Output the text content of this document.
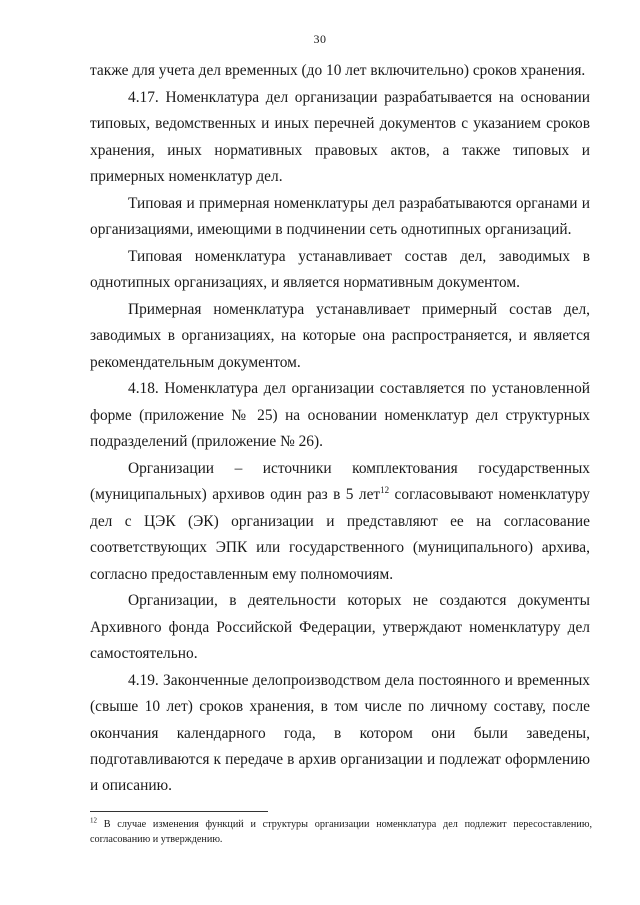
30

также для учета дел временных (до 10 лет включительно) сроков хранения.

4.17. Номенклатура дел организации разрабатывается на основании типовых, ведомственных и иных перечней документов с указанием сроков хранения, иных нормативных правовых актов, а также типовых и примерных номенклатур дел.

Типовая и примерная номенклатуры дел разрабатываются органами и организациями, имеющими в подчинении сеть однотипных организаций.

Типовая номенклатура устанавливает состав дел, заводимых в однотипных организациях, и является нормативным документом.

Примерная номенклатура устанавливает примерный состав дел, заводимых в организациях, на которые она распространяется, и является рекомендательным документом.

4.18. Номенклатура дел организации составляется по установленной форме (приложение № 25) на основании номенклатур дел структурных подразделений (приложение № 26).

Организации – источники комплектования государственных (муниципальных) архивов один раз в 5 лет$^{12}$ согласовывают номенклатуру дел с ЦЭК (ЭК) организации и представляют ее на согласование соответствующих ЭПК или государственного (муниципального) архива, согласно предоставленным ему полномочиям.

Организации, в деятельности которых не создаются документы Архивного фонда Российской Федерации, утверждают номенклатуру дел самостоятельно.

4.19. Законченные делопроизводством дела постоянного и временных (свыше 10 лет) сроков хранения, в том числе по личному составу, после окончания календарного года, в котором они были заведены, подготавливаются к передаче в архив организации и подлежат оформлению и описанию.

$^{12}$ В случае изменения функций и структуры организации номенклатура дел подлежит пересоставлению, согласованию и утверждению.
